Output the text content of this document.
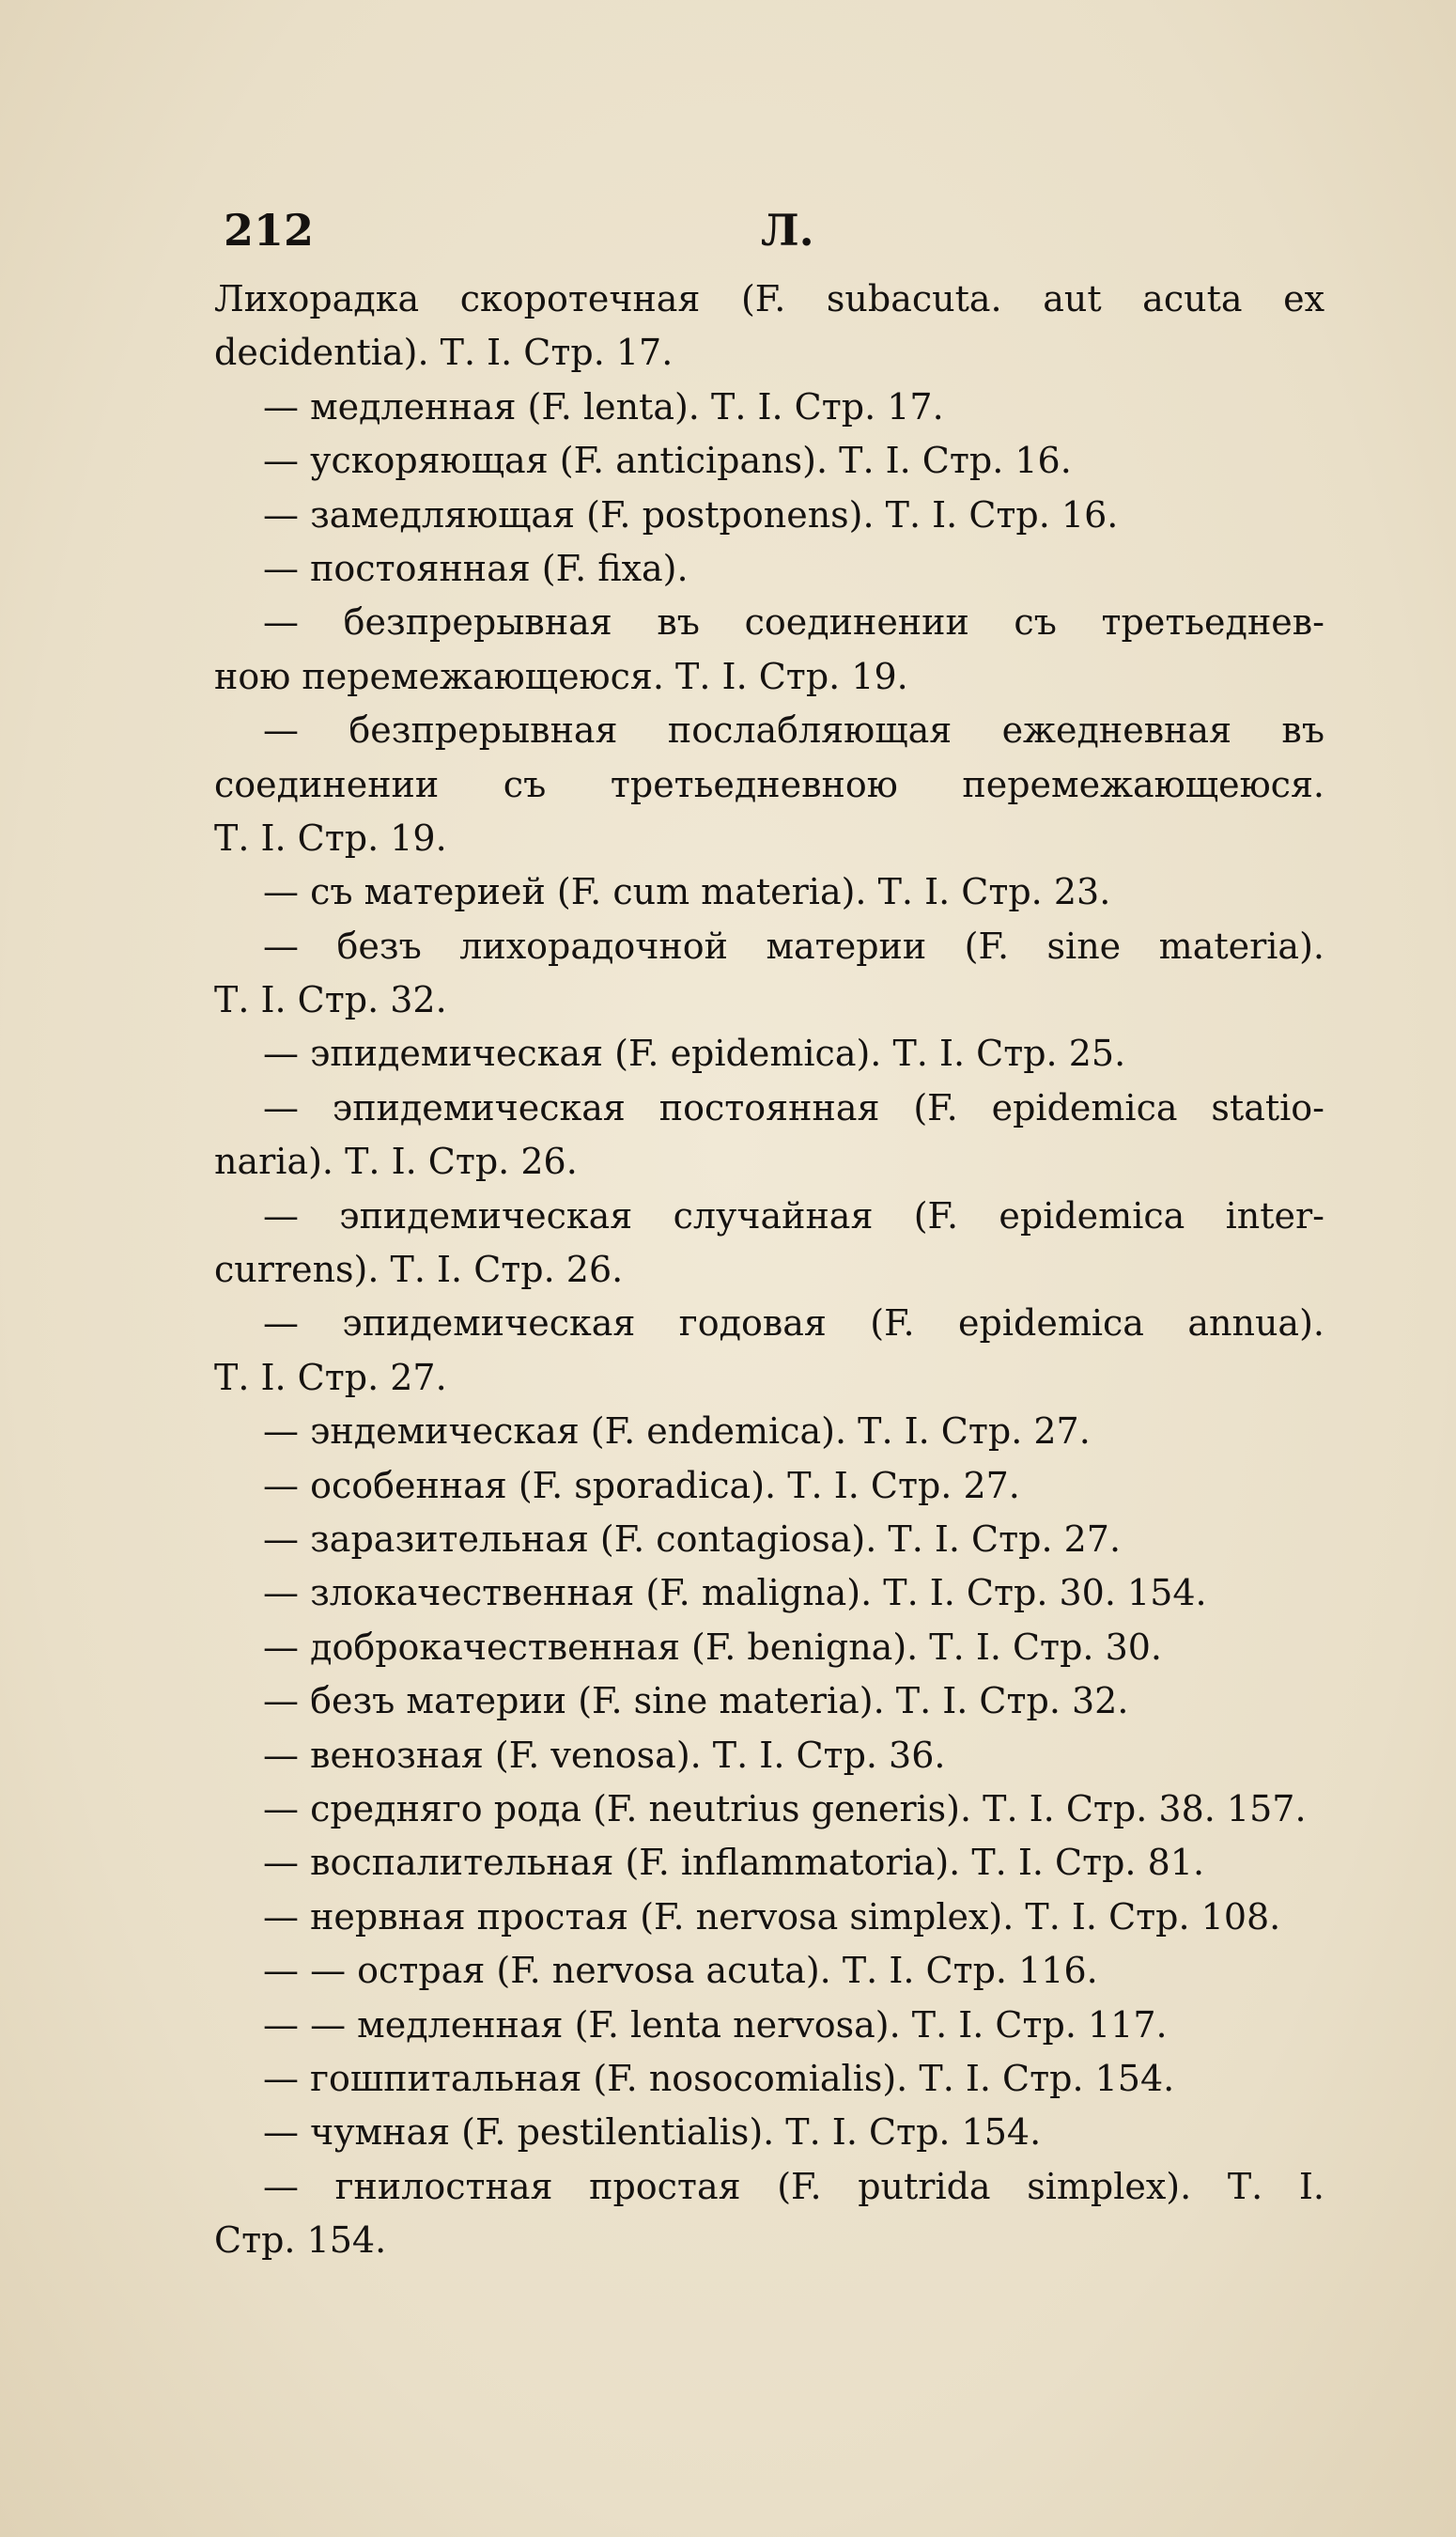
212	Л.
Лихорадка скоротечная (F. subacuta. aut acuta ex
decidentia). Т. I. Стр. 17.
— медленная (F. lenta). Т. I. Стр. 17.
— ускоряющая (F. anticipans). Т. I. Стр. 16.
— замедляющая (F. postponens). Т. I. Стр. 16.
— постоянная (F. fixa).
— безпрерывная въ соединении съ третьеднев-
ною перемежающеюся. Т. I. Стр. 19.
— безпрерывная послабляющая ежедневная въ
соединении съ третьедневною перемежающеюся.
Т. I. Стр. 19.
— съ материей (F. cum materia). Т. I. Стр. 23.
— безъ лихорадочной материи (F. sine materia).
Т. I. Стр. 32.
— эпидемическая (F. epidemica). Т. I. Стр. 25.
— эпидемическая постоянная (F. epidemica statio-
naria). Т. I. Стр. 26.
— эпидемическая случайная (F. epidemica inter-
currens). Т. I. Стр. 26.
— эпидемическая годовая (F. epidemica annua).
Т. I. Стр. 27.
— эндемическая (F. endemica). Т. I. Стр. 27.
— особенная (F. sporadica). Т. I. Стр. 27.
— заразительная (F. contagiosa). Т. I. Стр. 27.
— злокачественная (F. maligna). Т. I. Стр. 30. 154.
— доброкачественная (F. benigna). Т. I. Стр. 30.
— безъ материи (F. sine materia). Т. I. Стр. 32.
— венозная (F. venosa). Т. I. Стр. 36.
— средняго рода (F. neutrius generis). Т. I. Стр. 38. 157.
— воспалительная (F. inflammatoria). Т. I. Стр. 81.
— нервная простая (F. nervosa simplex). Т. I. Стр. 108.
— — острая (F. nervosa acuta). Т. I. Стр. 116.
— — медленная (F. lenta nervosa). Т. I. Стр. 117.
— гошпитальная (F. nosocomialis). Т. I. Стр. 154.
— чумная (F. pestilentialis). Т. I. Стр. 154.
— гнилостная простая (F. putrida simplex). Т. I.
Стр. 154.
